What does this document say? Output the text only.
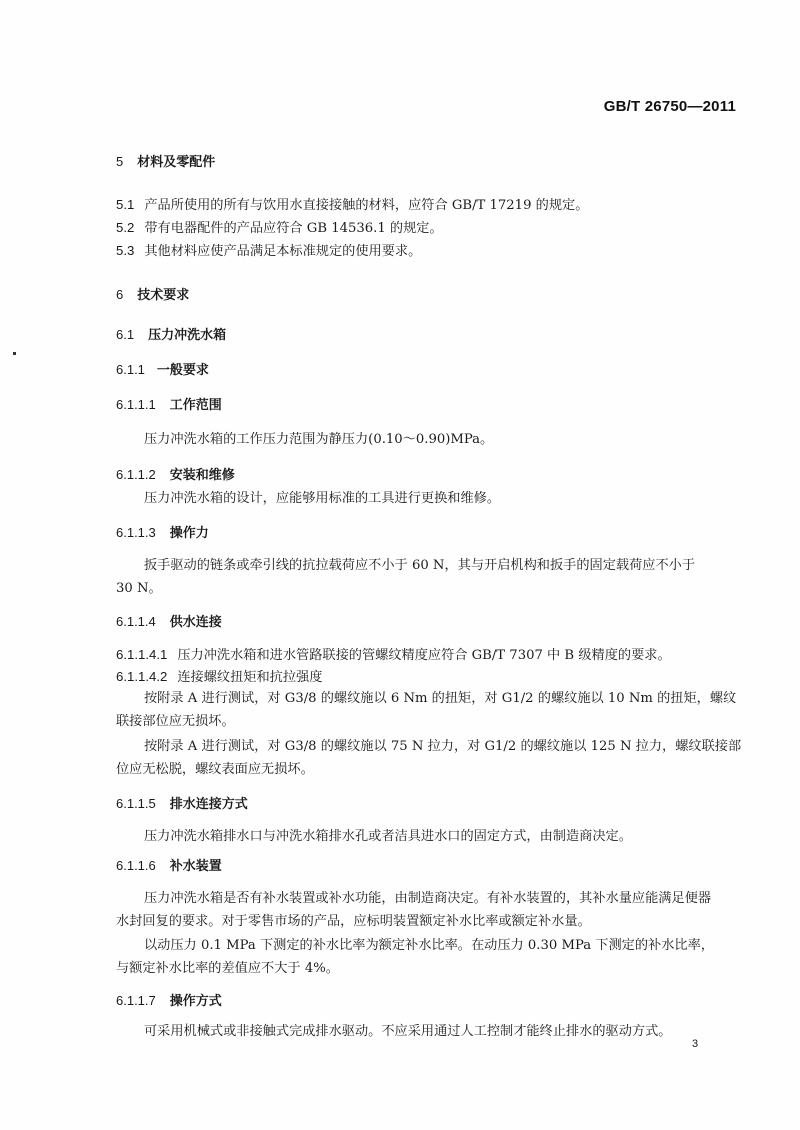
GB/T 26750—2011
5 材料及零配件
5.1 产品所使用的所有与饮用水直接接触的材料，应符合 GB/T 17219 的规定。
5.2 带有电器配件的产品应符合 GB 14536.1 的规定。
5.3 其他材料应使产品满足本标准规定的使用要求。
6 技术要求
6.1 压力冲洗水箱
6.1.1 一般要求
6.1.1.1 工作范围
压力冲洗水箱的工作压力范围为静压力(0.10～0.90)MPa。
6.1.1.2 安装和维修
压力冲洗水箱的设计，应能够用标准的工具进行更换和维修。
6.1.1.3 操作力
扳手驱动的链条或牵引线的抗拉载荷应不小于 60 N，其与开启机构和扳手的固定载荷应不小于
30 N。
6.1.1.4 供水连接
6.1.1.4.1 压力冲洗水箱和进水管路联接的管螺纹精度应符合 GB/T 7307 中 B 级精度的要求。
6.1.1.4.2 连接螺纹扭矩和抗拉强度
按附录 A 进行测试，对 G3/8 的螺纹施以 6 Nm 的扭矩，对 G1/2 的螺纹施以 10 Nm 的扭矩，螺纹
联接部位应无损坏。
按附录 A 进行测试，对 G3/8 的螺纹施以 75 N 拉力，对 G1/2 的螺纹施以 125 N 拉力，螺纹联接部
位应无松脱，螺纹表面应无损坏。
6.1.1.5 排水连接方式
压力冲洗水箱排水口与冲洗水箱排水孔或者洁具进水口的固定方式，由制造商决定。
6.1.1.6 补水装置
压力冲洗水箱是否有补水装置或补水功能，由制造商决定。有补水装置的，其补水量应能满足便器
水封回复的要求。对于零售市场的产品，应标明装置额定补水比率或额定补水量。
以动压力 0.1 MPa 下测定的补水比率为额定补水比率。在动压力 0.30 MPa 下测定的补水比率，
与额定补水比率的差值应不大于 4%。
6.1.1.7 操作方式
可采用机械式或非接触式完成排水驱动。不应采用通过人工控制才能终止排水的驱动方式。
3
